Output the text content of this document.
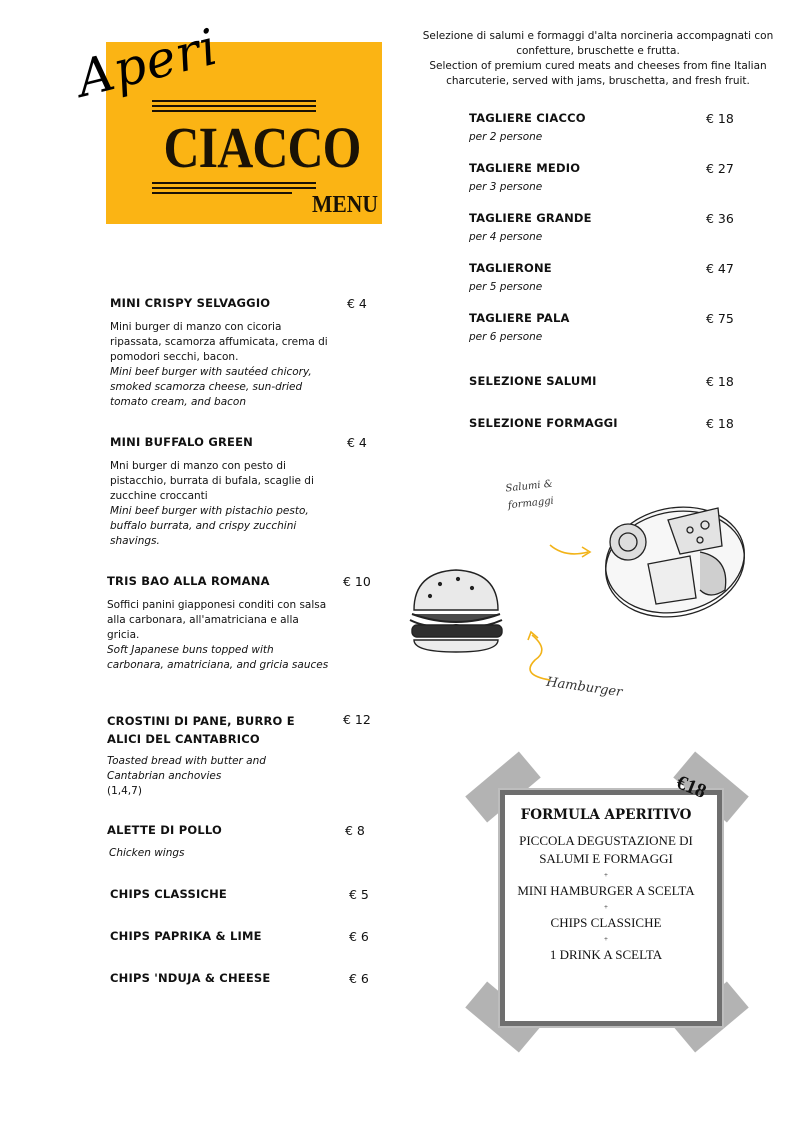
Aperi
CIACCO
MENU
Selezione di salumi e formaggi d'alta norcineria accompagnati con confetture, bruschette e frutta.
Selection of premium cured meats and cheeses from fine Italian charcuterie, served with jams, bruschetta, and fresh fruit.
TAGLIERE CIACCO
per 2 persone
€ 18
TAGLIERE MEDIO
per 3 persone
€ 27
TAGLIERE GRANDE
per 4 persone
€ 36
TAGLIERONE
per 5 persone
€ 47
TAGLIERE PALA
per 6 persone
€ 75
SELEZIONE SALUMI	€ 18
SELEZIONE FORMAGGI	€ 18
MINI CRISPY SELVAGGIO	€ 4
Mini burger di manzo con cicoria ripassata, scamorza affumicata, crema di pomodori secchi, bacon.
Mini beef burger with sautéed chicory, smoked scamorza cheese, sun-dried tomato cream, and bacon
MINI BUFFALO GREEN	€ 4
Mni burger di manzo con pesto di pistacchio, burrata di bufala, scaglie di zucchine croccanti
Mini beef burger with pistachio pesto, buffalo burrata, and crispy zucchini shavings.
TRIS BAO ALLA ROMANA	€ 10
Soffici panini giapponesi conditi con salsa alla carbonara, all'amatriciana e alla gricia.
Soft Japanese buns topped with carbonara, amatriciana, and gricia sauces
CROSTINI DI PANE, BURRO E ALICI DEL CANTABRICO
€ 12
Toasted bread with butter and Cantabrian anchovies
(1,4,7)
ALETTE DI POLLO	€ 8
Chicken wings
CHIPS CLASSICHE	€ 5
CHIPS PAPRIKA & LIME	€ 6
CHIPS 'NDUJA & CHEESE	€ 6
Salumi & formaggi
Hamburger
€18
FORMULA APERITIVO
PICCOLA DEGUSTAZIONE DI SALUMI E FORMAGGI
+
MINI HAMBURGER A SCELTA
+
CHIPS CLASSICHE
+
1 DRINK A SCELTA
